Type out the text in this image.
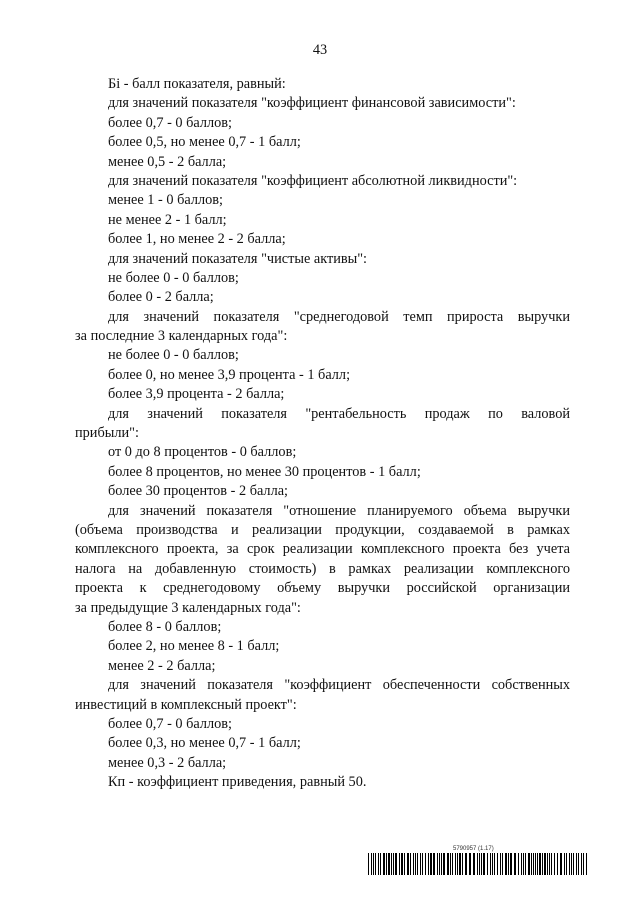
43

Бi - балл показателя, равный:

для значений показателя "коэффициент финансовой зависимости":

более 0,7 - 0 баллов;

более 0,5, но менее 0,7 - 1 балл;

менее 0,5 - 2 балла;

для значений показателя "коэффициент абсолютной ликвидности":

менее 1 - 0 баллов;

не менее 2 - 1 балл;

более 1, но менее 2 - 2 балла;

для значений показателя "чистые активы":

не более 0 - 0 баллов;

более 0 - 2 балла;

для значений показателя "среднегодовой темп прироста выручки

за последние 3 календарных года":

не более 0 - 0 баллов;

более 0, но менее 3,9 процента - 1 балл;

более 3,9 процента - 2 балла;

для значений показателя "рентабельность продаж по валовой

прибыли":

от 0 до 8 процентов - 0 баллов;

более 8 процентов, но менее 30 процентов - 1 балл;

более 30 процентов - 2 балла;

для значений показателя "отношение планируемого объема выручки

(объема производства и реализации продукции, создаваемой в рамках

комплексного проекта, за срок реализации комплексного проекта без учета

налога на добавленную стоимость) в рамках реализации комплексного

проекта к среднегодовому объему выручки российской организации

за предыдущие 3 календарных года":

более 8 - 0 баллов;

более 2, но менее 8 - 1 балл;

менее 2 - 2 балла;

для значений показателя "коэффициент обеспеченности собственных

инвестиций в комплексный проект":

более 0,7 - 0 баллов;

более 0,3, но менее 0,7 - 1 балл;

менее 0,3 - 2 балла;

Кп - коэффициент приведения, равный 50.

5790957 (1.17)
